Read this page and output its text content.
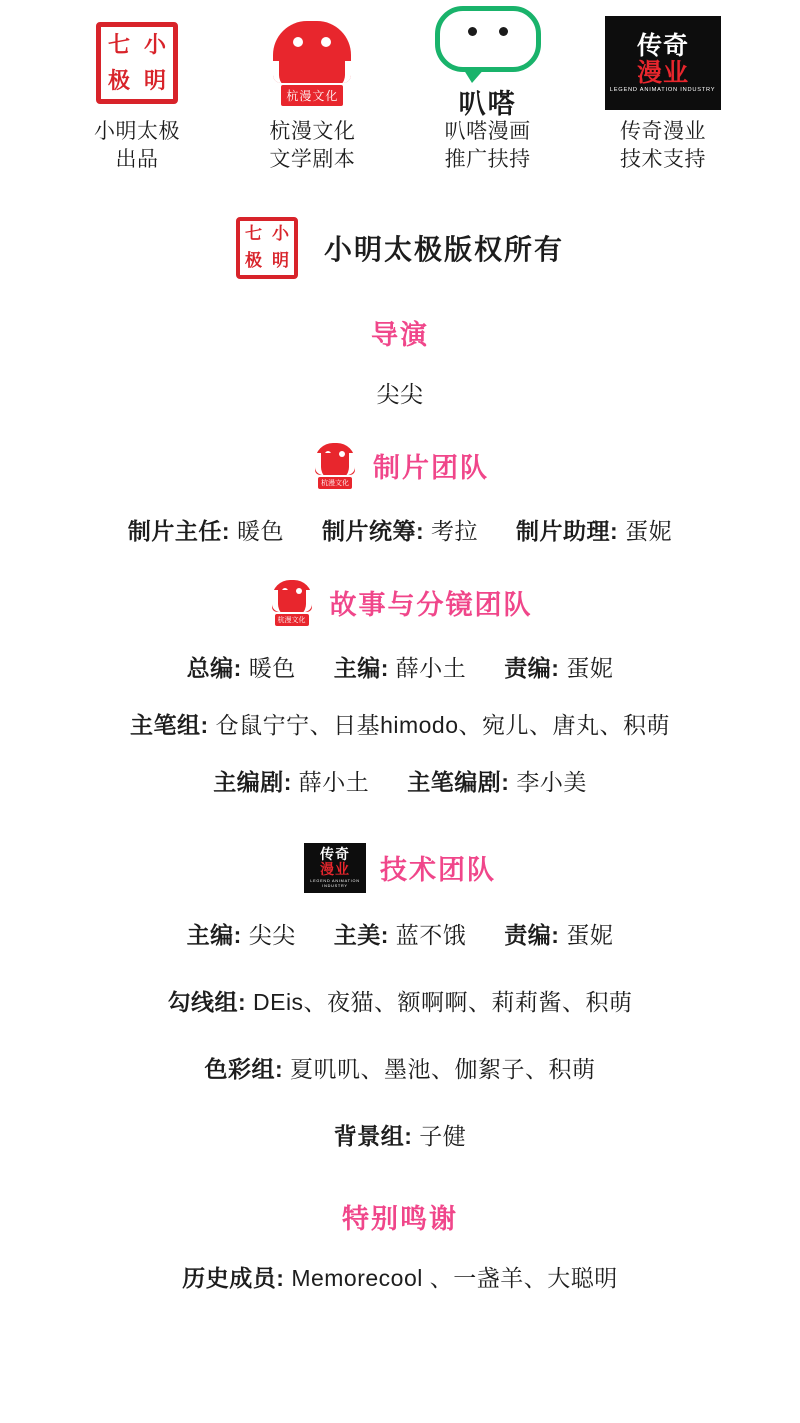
七 小
极 明
小明太极
出品
杭漫文化
杭漫文化
文学剧本
叭嗒
叭嗒漫画
推广扶持
传奇
漫业
LEGEND ANIMATION INDUSTRY
传奇漫业
技术支持
七 小
极 明 小明太极版权所有
导演
尖尖
杭漫文化 制片团队
制片主任: 暖色 制片统筹: 考拉 制片助理: 蛋妮
杭漫文化 故事与分镜团队
总编: 暖色 主编: 薛小土 责编: 蛋妮
主笔组: 仓鼠宁宁、日基himodo、宛儿、唐丸、积萌
主编剧: 薛小土 主笔编剧: 李小美
传奇
漫业
LEGEND ANIMATION INDUSTRY	技术团队
主编: 尖尖 主美: 蓝不饿 责编: 蛋妮
勾线组: DEis、夜猫、额啊啊、莉莉酱、积萌
色彩组: 夏叽叽、墨池、伽絮子、积萌
背景组: 子健
特别鸣谢
历史成员: Memorecool 、一盏羊、大聪明
